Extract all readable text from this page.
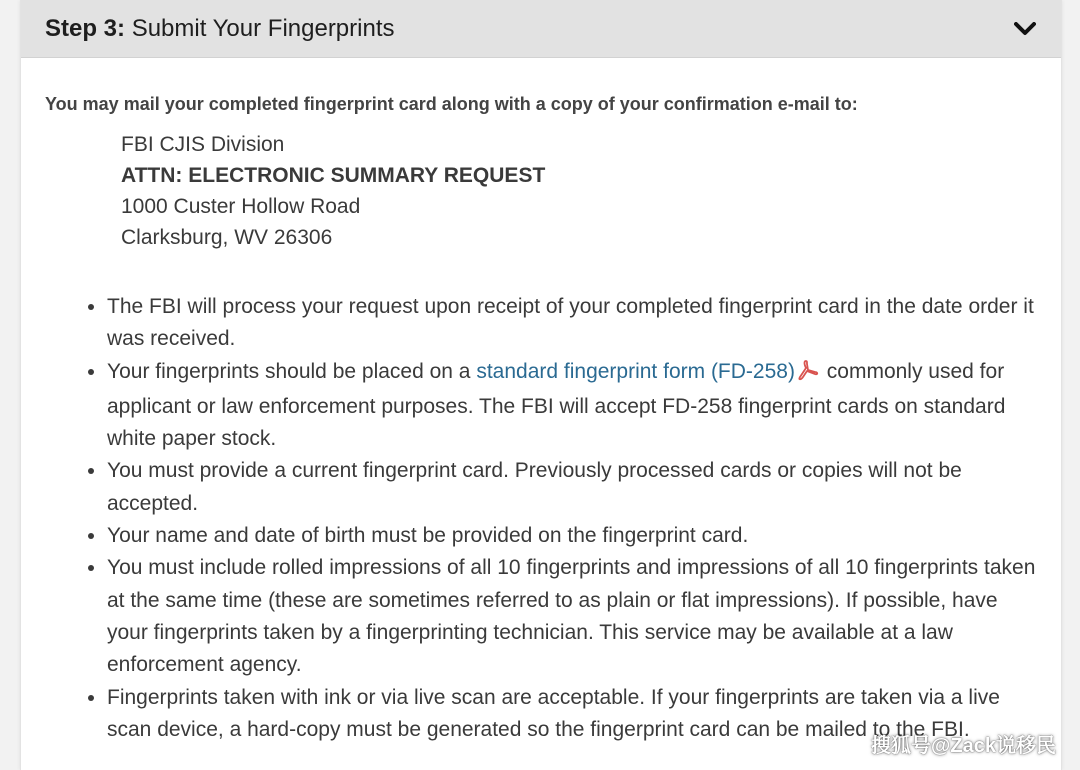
Step 3: Submit Your Fingerprints

You may mail your completed fingerprint card along with a copy of your confirmation e-mail to:

FBI CJIS Division
ATTN: ELECTRONIC SUMMARY REQUEST
1000 Custer Hollow Road
Clarksburg, WV 26306
• The FBI will process your request upon receipt of your completed fingerprint card in the date order it was received.
• Your fingerprints should be placed on a standard fingerprint form (FD-258) commonly used for applicant or law enforcement purposes. The FBI will accept FD-258 fingerprint cards on standard white paper stock.
• You must provide a current fingerprint card. Previously processed cards or copies will not be accepted.
• Your name and date of birth must be provided on the fingerprint card.
• You must include rolled impressions of all 10 fingerprints and impressions of all 10 fingerprints taken at the same time (these are sometimes referred to as plain or flat impressions). If possible, have your fingerprints taken by a fingerprinting technician. This service may be available at a law enforcement agency.
• Fingerprints taken with ink or via live scan are acceptable. If your fingerprints are taken via a live scan device, a hard-copy must be generated so the fingerprint card can be mailed to the FBI.
搜狐号@Zack说移民
